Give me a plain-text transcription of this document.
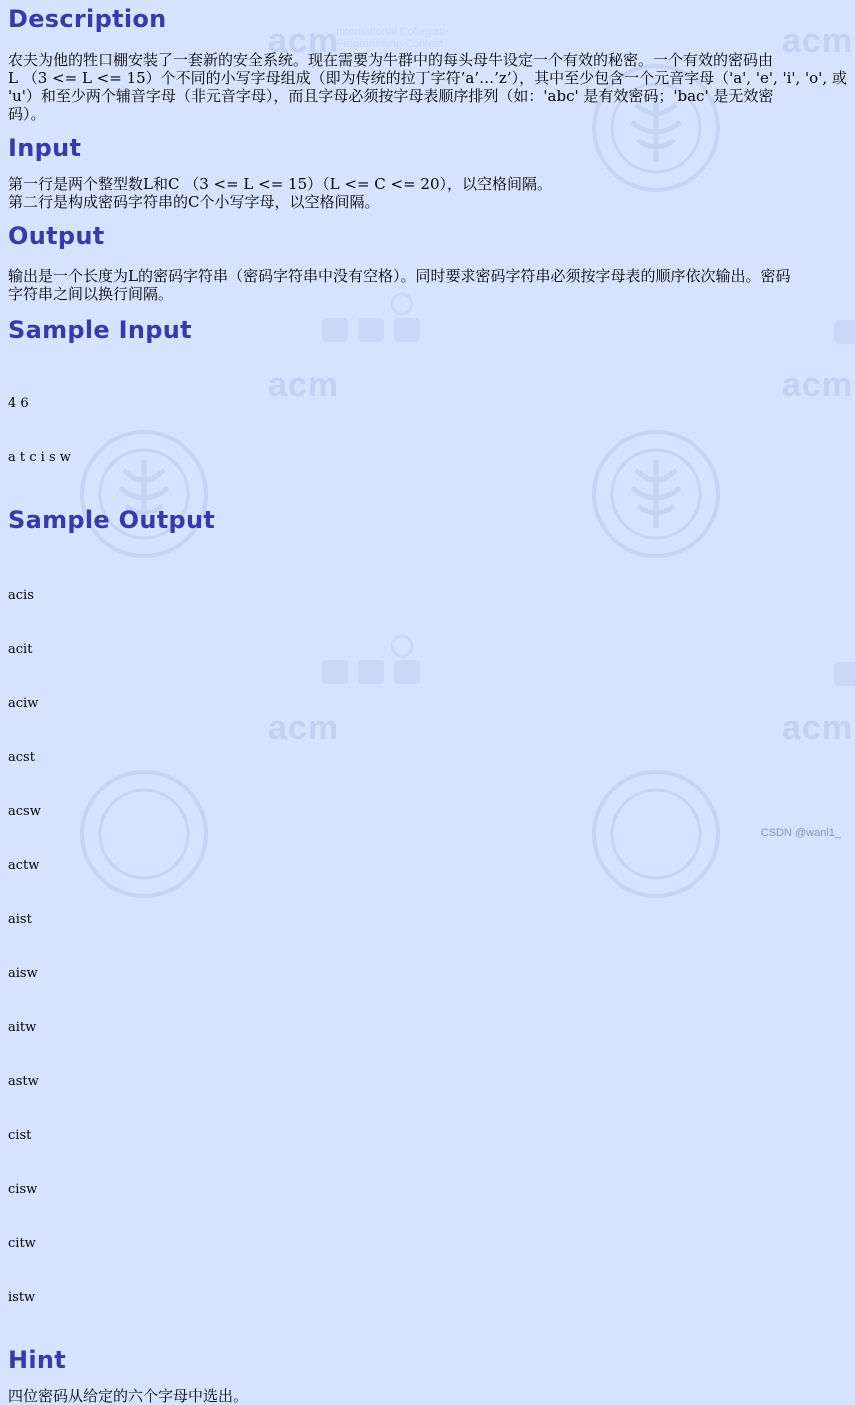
acm
International Collegiate
Programming Contest	acm
acm	acm
acm	acm
Description
农夫为他的牲口棚安装了一套新的安全系统。现在需要为牛群中的每头母牛设定一个有效的秘密。一个有效的密码由
L （3 <= L <= 15）个不同的小写字母组成（即为传统的拉丁字符’a’…’z’），其中至少包含一个元音字母（'a', 'e', 'i', 'o', 或
'u'）和至少两个辅音字母（非元音字母），而且字母必须按字母表顺序排列（如：'abc' 是有效密码；'bac' 是无效密
码）。
Input
第一行是两个整型数L和C （3 <= L <= 15）（L <= C <= 20），以空格间隔。
第二行是构成密码字符串的C个小写字母，以空格间隔。
Output
输出是一个长度为L的密码字符串（密码字符串中没有空格）。同时要求密码字符串必须按字母表的顺序依次输出。密码
字符串之间以换行间隔。
Sample Input

4 6

a t c i s w

Sample Output

acis

acit

aciw

acst

acsw

actw

aist

aisw

aitw

astw

cist

cisw

citw

istw

Hint
四位密码从给定的六个字母中选出。
CSDN @wanl1_
